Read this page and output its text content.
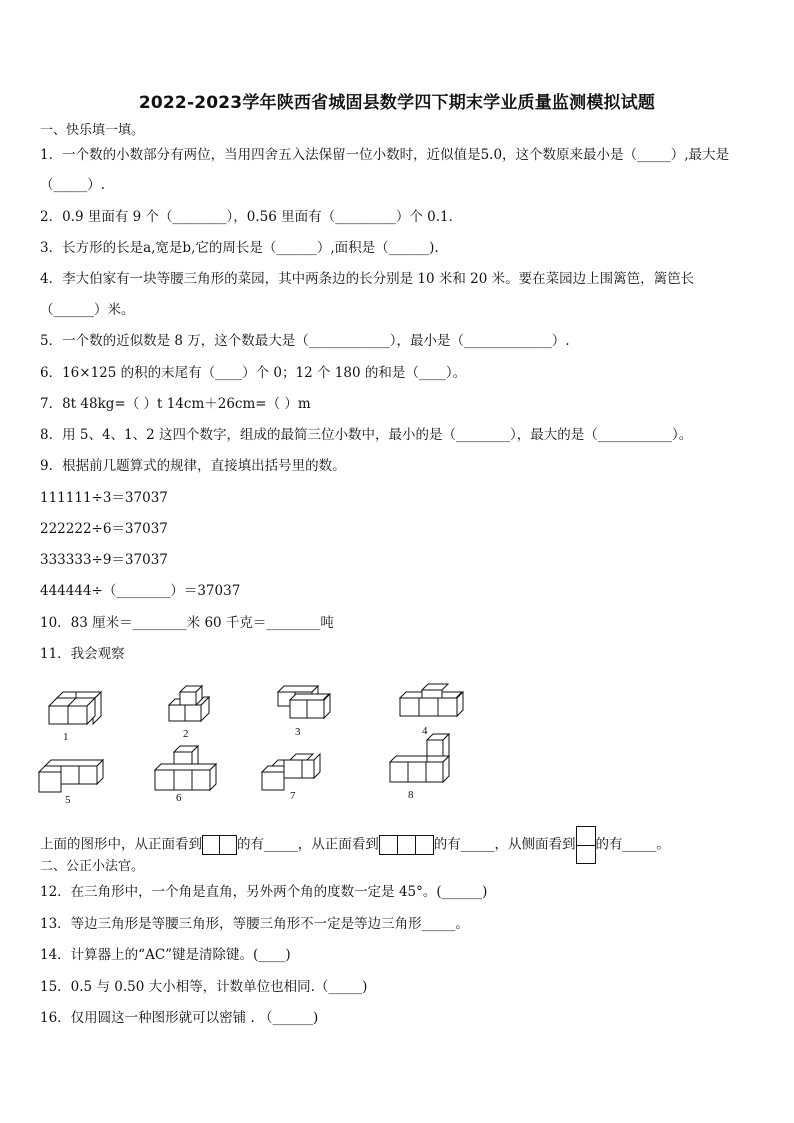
2022-2023学年陕西省城固县数学四下期末学业质量监测模拟试题
一、快乐填一填。
1．一个数的小数部分有两位，当用四舍五入法保留一位小数时，近似值是5.0，这个数原来最小是（_____）,最大是
（_____）.
2．0.9 里面有 9 个（________），0.56 里面有（_________）个 0.1．
3．长方形的长是a,宽是b,它的周长是（______）,面积是（______).
4．李大伯家有一块等腰三角形的菜园，其中两条边的长分别是 10 米和 20 米。要在菜园边上围篱笆，篱笆长
（______）米。
5．一个数的近似数是 8 万，这个数最大是（____________），最小是（_____________）.
6．16×125 的积的末尾有（____）个 0；12 个 180 的和是（____）。
7．8t 48kg=（ ）t 14cm＋26cm=（ ）m
8．用 5、4、1、2 这四个数字，组成的最简三位小数中，最小的是（________），最大的是（___________）。
9．根据前几题算式的规律，直接填出括号里的数。
111111÷3＝37037
222222÷6＝37037
333333÷9＝37037
444444÷（________）＝37037
10．83 厘米＝________米 60 千克＝________吨
11．我会观察
1	2	3	4
5	6	7	8
上面的图形中，从正面看到	的有_____，从正面看到	的有_____，从侧面看到 的有_____。
二、公正小法官。
12．在三角形中，一个角是直角，另外两个角的度数一定是 45°。(______)
13．等边三角形是等腰三角形，等腰三角形不一定是等边三角形_____。
14．计算器上的“AC”键是清除键。(____)
15．0.5 与 0.50 大小相等，计数单位也相同.（_____)
16．仅用圆这一种图形就可以密铺 . （______)
